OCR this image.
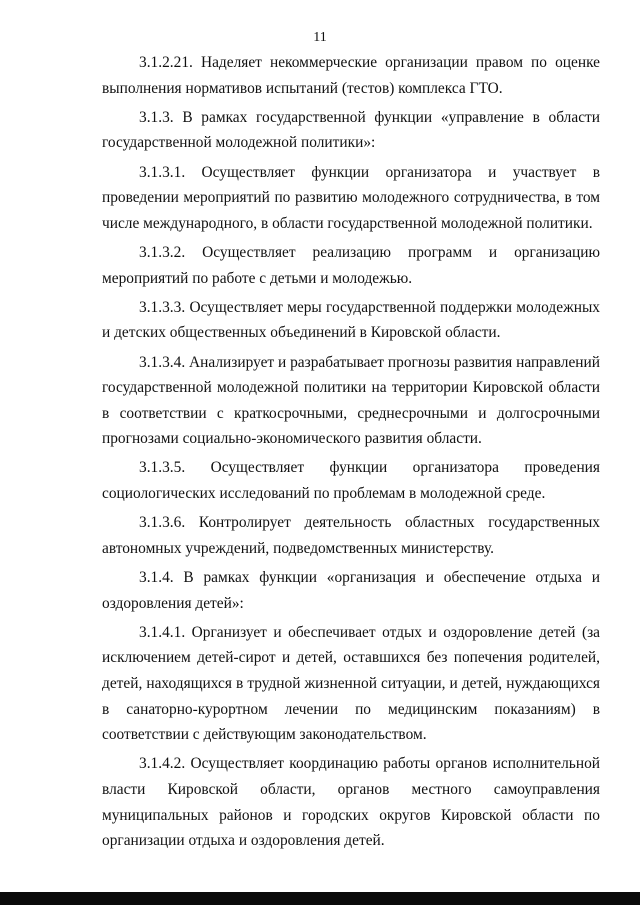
11

3.1.2.21. Наделяет некоммерческие организации правом по оценке выполнения нормативов испытаний (тестов) комплекса ГТО.

3.1.3. В рамках государственной функции «управление в области государственной молодежной политики»:

3.1.3.1. Осуществляет функции организатора и участвует в проведении мероприятий по развитию молодежного сотрудничества, в том числе международного, в области государственной молодежной политики.

3.1.3.2. Осуществляет реализацию программ и организацию мероприятий по работе с детьми и молодежью.

3.1.3.3. Осуществляет меры государственной поддержки молодежных и детских общественных объединений в Кировской области.

3.1.3.4. Анализирует и разрабатывает прогнозы развития направлений государственной молодежной политики на территории Кировской области в соответствии с краткосрочными, среднесрочными и долгосрочными прогнозами социально-экономического развития области.

3.1.3.5. Осуществляет функции организатора проведения социологических исследований по проблемам в молодежной среде.

3.1.3.6. Контролирует деятельность областных государственных автономных учреждений, подведомственных министерству.

3.1.4. В рамках функции «организация и обеспечение отдыха и оздоровления детей»:

3.1.4.1. Организует и обеспечивает отдых и оздоровление детей (за исключением детей-сирот и детей, оставшихся без попечения родителей, детей, находящихся в трудной жизненной ситуации, и детей, нуждающихся в санаторно-курортном лечении по медицинским показаниям) в соответствии с действующим законодательством.

3.1.4.2. Осуществляет координацию работы органов исполнительной власти Кировской области, органов местного самоуправления муниципальных районов и городских округов Кировской области по организации отдыха и оздоровления детей.
